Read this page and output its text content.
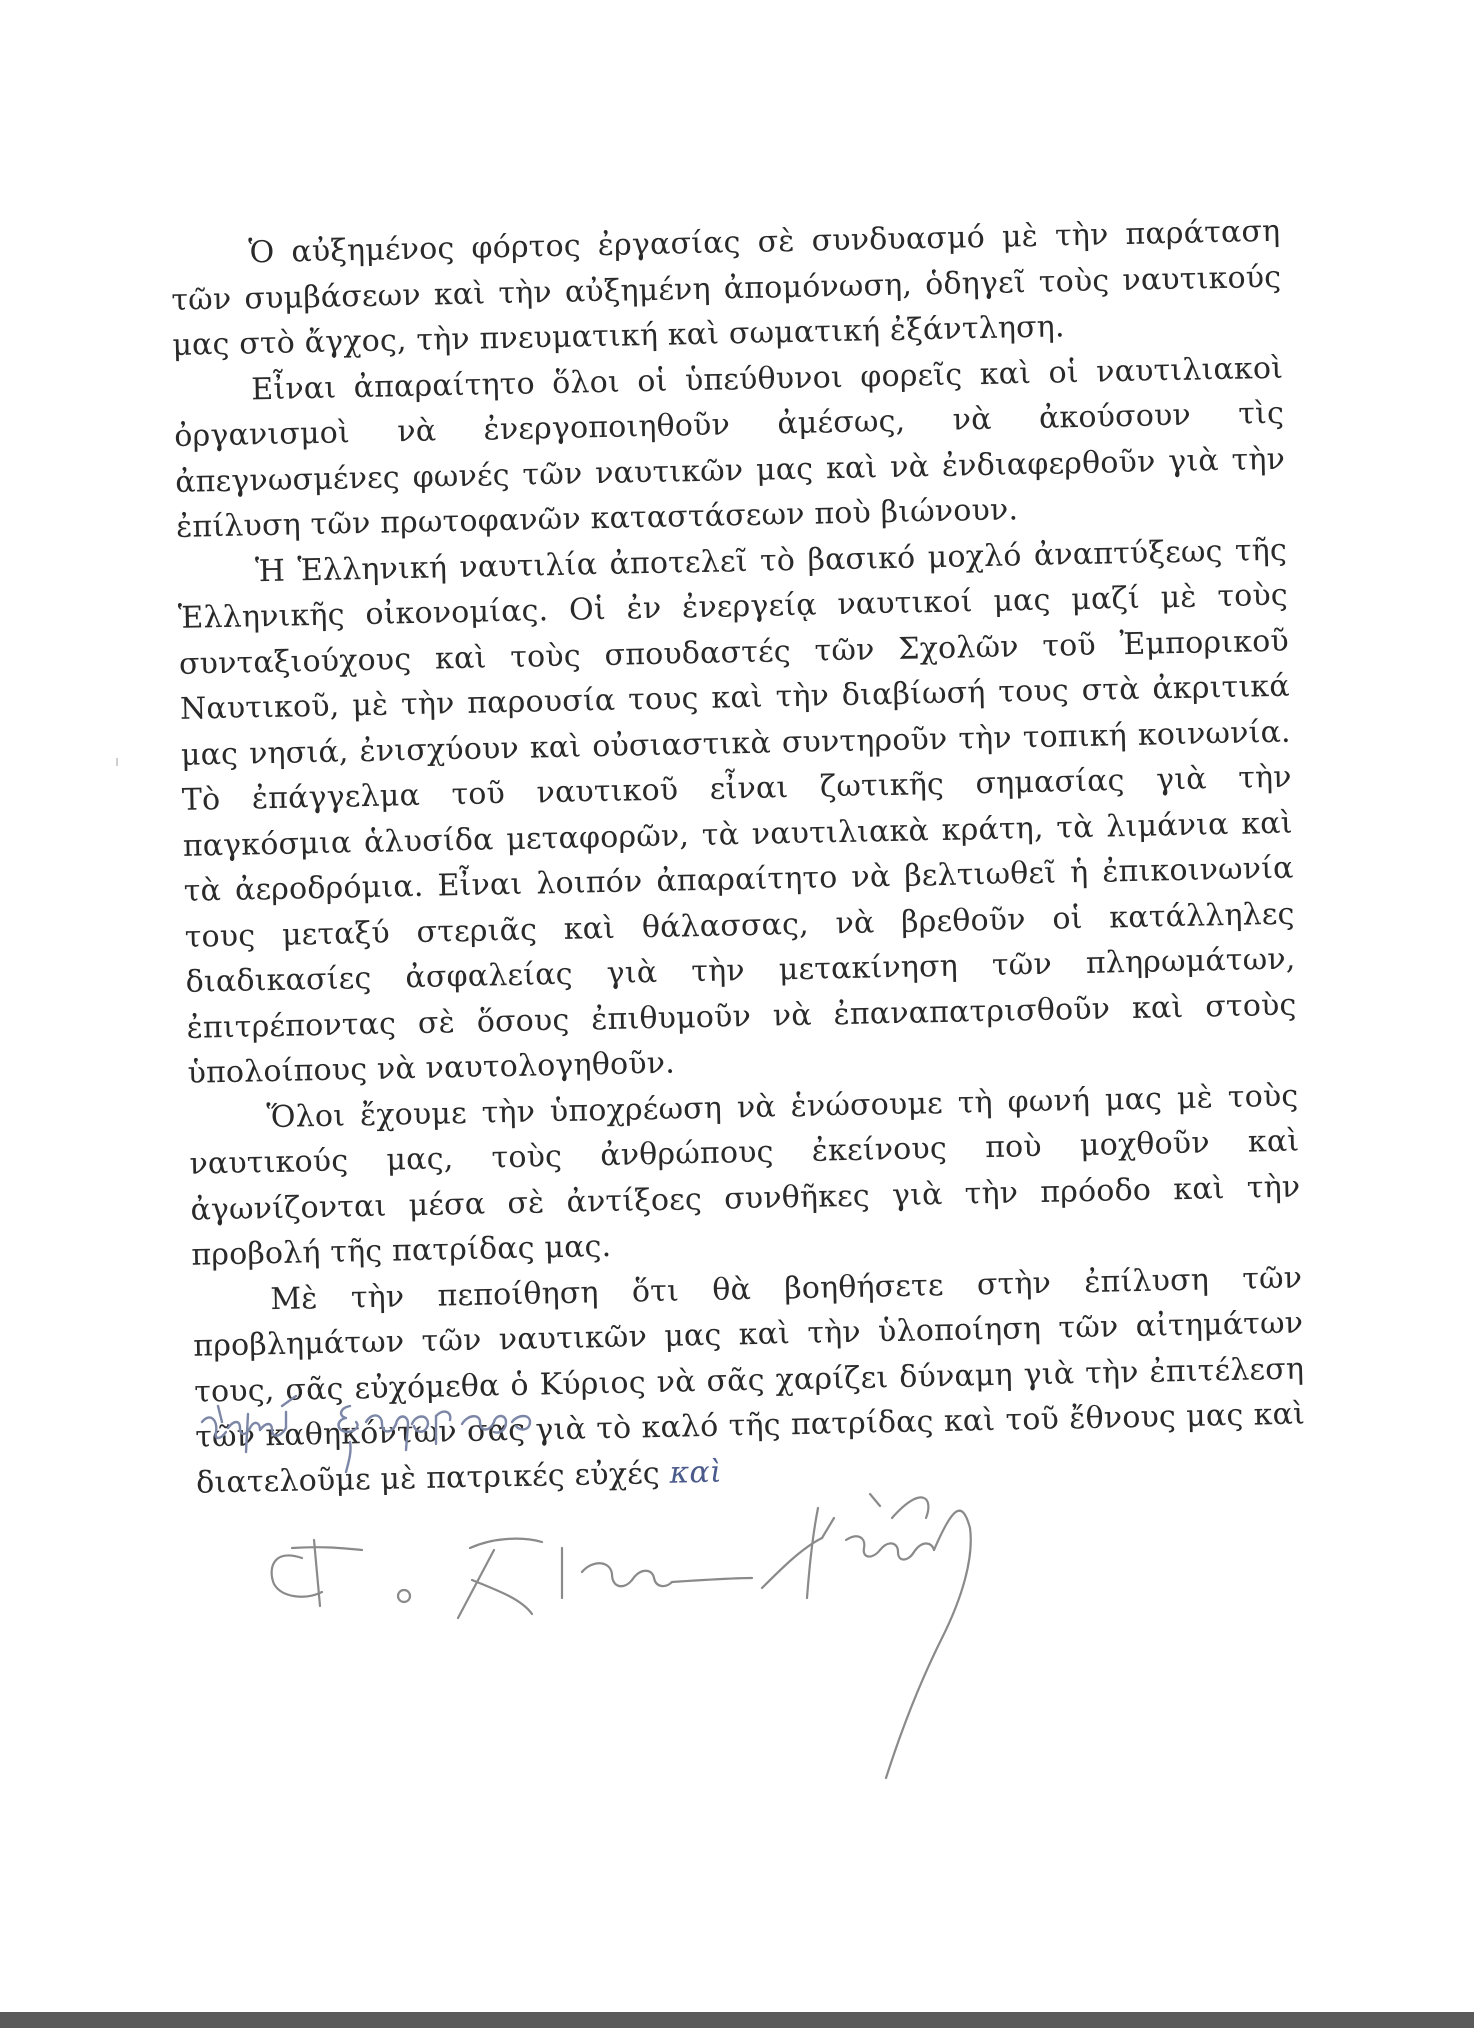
Ὁ αὐξημένος φόρτος ἐργασίας σὲ συνδυασμό μὲ τὴν παράταση τῶν συμβάσεων καὶ τὴν αὐξημένη ἀπομόνωση, ὁδηγεῖ τοὺς ναυτικούς μας στὸ ἄγχος, τὴν πνευματική καὶ σωματική ἐξάντληση.

Εἶναι ἀπαραίτητο ὅλοι οἱ ὑπεύθυνοι φορεῖς καὶ οἱ ναυτιλιακοὶ ὀργανισμοὶ νὰ ἐνεργοποιηθοῦν ἀμέσως, νὰ ἀκούσουν τὶς ἀπεγνωσμένες φωνές τῶν ναυτικῶν μας καὶ νὰ ἐνδιαφερθοῦν γιὰ τὴν ἐπίλυση τῶν πρωτοφανῶν καταστάσεων ποὺ βιώνουν.

Ἡ Ἑλληνική ναυτιλία ἀποτελεῖ τὸ βασικό μοχλό ἀναπτύξεως τῆς Ἑλληνικῆς οἰκονομίας. Οἱ ἐν ἐνεργείᾳ ναυτικοί μας μαζί μὲ τοὺς συνταξιούχους καὶ τοὺς σπουδαστές τῶν Σχολῶν τοῦ Ἐμπορικοῦ Ναυτικοῦ, μὲ τὴν παρουσία τους καὶ τὴν διαβίωσή τους στὰ ἀκριτικά μας νησιά, ἐνισχύουν καὶ οὐσιαστικὰ συντηροῦν τὴν τοπική κοινωνία. Τὸ ἐπάγγελμα τοῦ ναυτικοῦ εἶναι ζωτικῆς σημασίας γιὰ τὴν παγκόσμια ἁλυσίδα μεταφορῶν, τὰ ναυτιλιακὰ κράτη, τὰ λιμάνια καὶ τὰ ἀεροδρόμια. Εἶναι λοιπόν ἀπαραίτητο νὰ βελτιωθεῖ ἡ ἐπικοινωνία τους μεταξύ στεριᾶς καὶ θάλασσας, νὰ βρεθοῦν οἱ κατάλληλες διαδικασίες ἀσφαλείας γιὰ τὴν μετακίνηση τῶν πληρωμάτων, ἐπιτρέποντας σὲ ὅσους ἐπιθυμοῦν νὰ ἐπαναπατρισθοῦν καὶ στοὺς ὑπολοίπους νὰ ναυτολογηθοῦν.

Ὅλοι ἔχουμε τὴν ὑποχρέωση νὰ ἑνώσουμε τὴ φωνή μας μὲ τοὺς ναυτικούς μας, τοὺς ἀνθρώπους ἐκείνους ποὺ μοχθοῦν καὶ ἀγωνίζονται μέσα σὲ ἀντίξοες συνθῆκες γιὰ τὴν πρόοδο καὶ τὴν προβολή τῆς πατρίδας μας.

Μὲ τὴν πεποίθηση ὅτι θὰ βοηθήσετε στὴν ἐπίλυση τῶν προβλημάτων τῶν ναυτικῶν μας καὶ τὴν ὑλοποίηση τῶν αἰτημάτων τους, σᾶς εὐχόμεθα ὁ Κύριος νὰ σᾶς χαρίζει δύναμη γιὰ τὴν ἐπιτέλεση τῶν καθηκόντων σας γιὰ τὸ καλό τῆς πατρίδας καὶ τοῦ ἔθνους μας καὶ διατελοῦμε μὲ πατρικές εὐχές καὶ
